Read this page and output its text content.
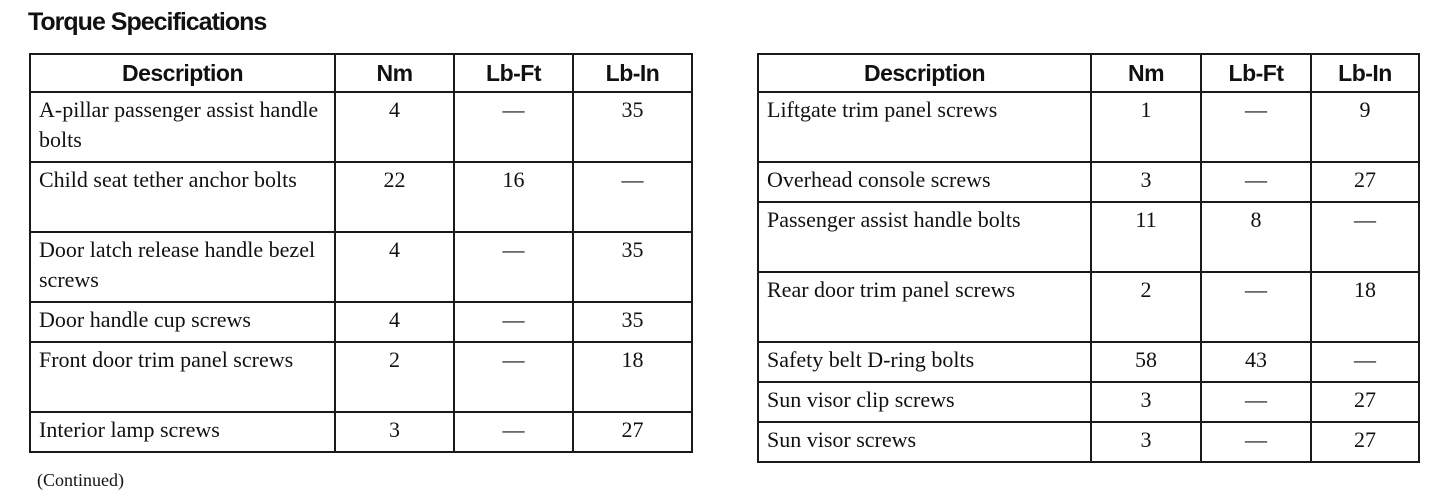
Torque Specifications
Description	Nm	Lb-Ft	Lb-In
A-pillar passenger assist handle bolts	4	—	35
Child seat tether anchor bolts	22	16	—
Door latch release handle bezel screws	4	—	35
Door handle cup screws	4	—	35
Front door trim panel screws	2	—	18
Interior lamp screws	3	—	27
Description	Nm	Lb-Ft	Lb-In
Liftgate trim panel screws	1	—	9
Overhead console screws	3	—	27
Passenger assist handle bolts	11	8	—
Rear door trim panel screws	2	—	18
Safety belt D-ring bolts	58	43	—
Sun visor clip screws	3	—	27
Sun visor screws	3	—	27
(Continued)
